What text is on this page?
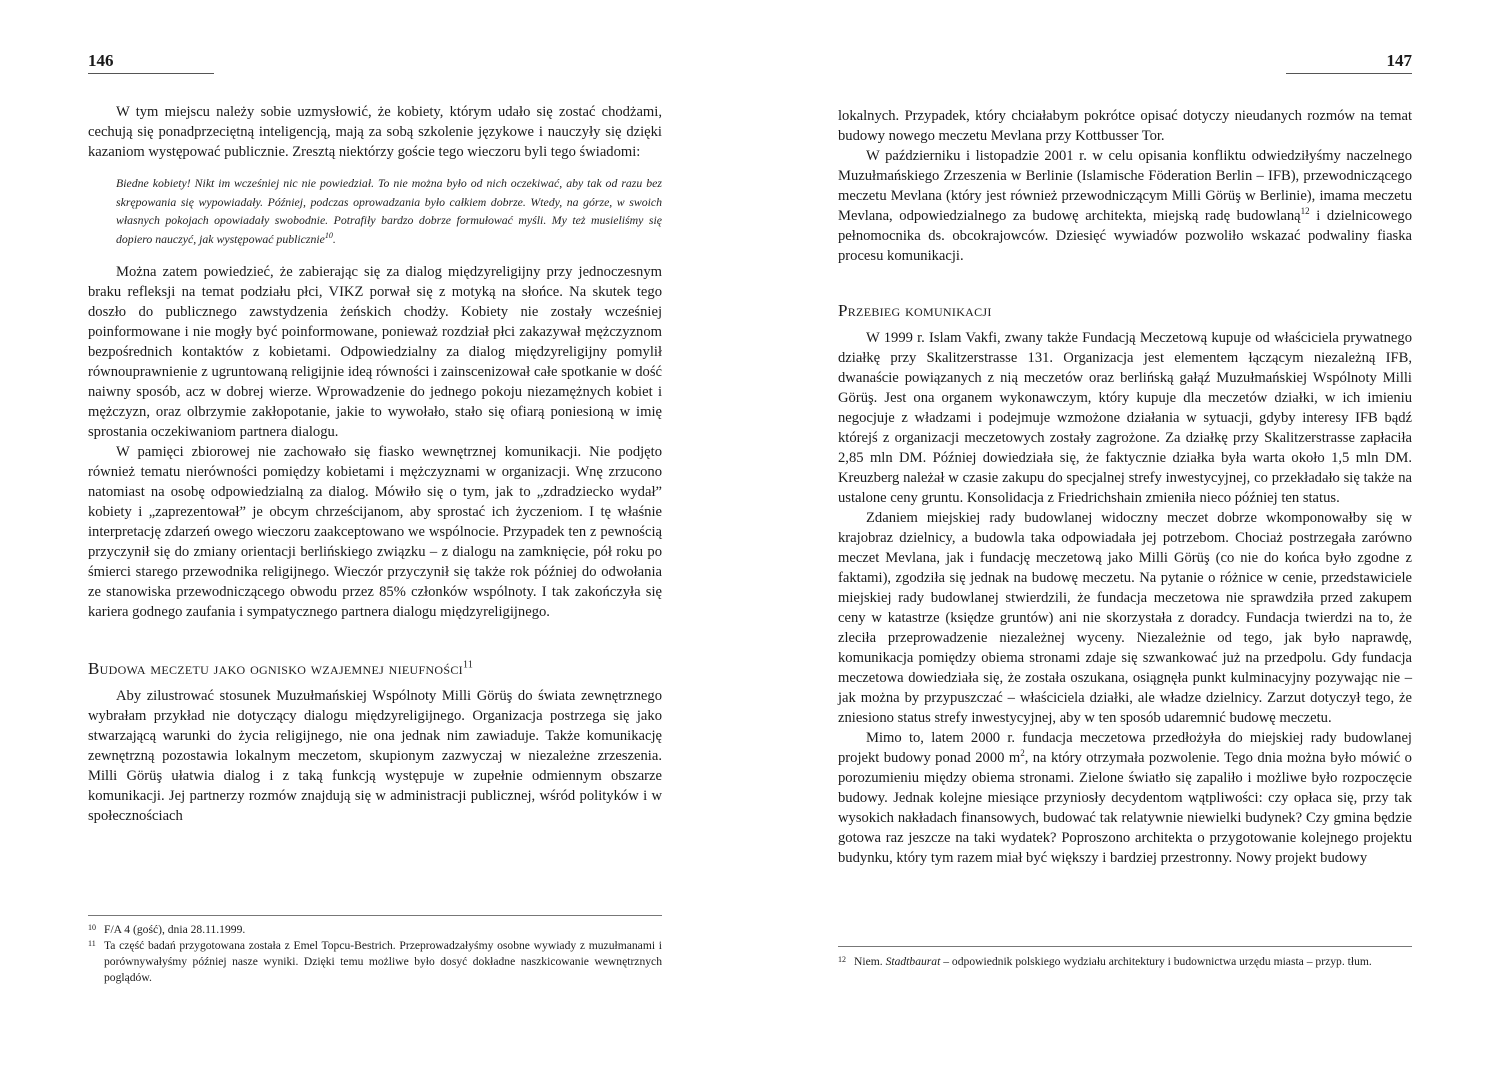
146

W tym miejscu należy sobie uzmysłowić, że kobiety, którym udało się zostać chodżami, cechują się ponadprzeciętną inteligencją, mają za sobą szkolenie językowe i nauczyły się dzięki kazaniom występować publicznie. Zresztą niektórzy goście tego wieczoru byli tego świadomi:

Biedne kobiety! Nikt im wcześniej nic nie powiedział. To nie można było od nich oczekiwać, aby tak od razu bez skrępowania się wypowiadały. Później, podczas oprowadzania było całkiem dobrze. Wtedy, na górze, w swoich własnych pokojach opowiadały swobodnie. Potrafiły bardzo dobrze formułować myśli. My też musieliśmy się dopiero nauczyć, jak występować publicznie$^{10}$.

Można zatem powiedzieć, że zabierając się za dialog międzyreligijny przy jednoczesnym braku refleksji na temat podziału płci, VIKZ porwał się z motyką na słońce. Na skutek tego doszło do publicznego zawstydzenia żeńskich chodży. Kobiety nie zostały wcześniej poinformowane i nie mogły być poinformowane, ponieważ rozdział płci zakazywał mężczyznom bezpośrednich kontaktów z kobietami. Odpowiedzialny za dialog międzyreligijny pomylił równouprawnienie z ugruntowaną religijnie ideą równości i zainscenizował całe spotkanie w dość naiwny sposób, acz w dobrej wierze. Wprowadzenie do jednego pokoju niezamężnych kobiet i mężczyzn, oraz olbrzymie zakłopotanie, jakie to wywołało, stało się ofiarą poniesioną w imię sprostania oczekiwaniom partnera dialogu.

W pamięci zbiorowej nie zachowało się fiasko wewnętrznej komunikacji. Nie podjęto również tematu nierówności pomiędzy kobietami i mężczyznami w organizacji. Wnę zrzucono natomiast na osobę odpowiedzialną za dialog. Mówiło się o tym, jak to „zdradziecko wydał” kobiety i „zaprezentował” je obcym chrześcijanom, aby sprostać ich życzeniom. I tę właśnie interpretację zdarzeń owego wieczoru zaakceptowano we wspólnocie. Przypadek ten z pewnością przyczynił się do zmiany orientacji berlińskiego związku – z dialogu na zamknięcie, pół roku po śmierci starego przewodnika religijnego. Wieczór przyczynił się także rok później do odwołania ze stanowiska przewodniczącego obwodu przez 85% członków wspólnoty. I tak zakończyła się kariera godnego zaufania i sympatycznego partnera dialogu międzyreligijnego.

Budowa meczetu jako ognisko wzajemnej nieufności$^{11}$

Aby zilustrować stosunek Muzułmańskiej Wspólnoty Milli Görüş do świata zewnętrznego wybrałam przykład nie dotyczący dialogu międzyreligijnego. Organizacja postrzega się jako stwarzającą warunki do życia religijnego, nie ona jednak nim zawiaduje. Także komunikację zewnętrzną pozostawia lokalnym meczetom, skupionym zazwyczaj w niezależne zrzeszenia. Milli Görüş ułatwia dialog i z taką funkcją występuje w zupełnie odmiennym obszarze komunikacji. Jej partnerzy rozmów znajdują się w administracji publicznej, wśród polityków i w społecznościach

10 F/A 4 (gość), dnia 28.11.1999.
11 Ta część badań przygotowana została z Emel Topcu-Bestrich. Przeprowadzałyśmy osobne wywiady z muzułmanami i porównywałyśmy później nasze wyniki. Dzięki temu możliwe było dosyć dokładne naszkicowanie wewnętrznych poglądów.
147

lokalnych. Przypadek, który chciałabym pokrótce opisać dotyczy nieudanych rozmów na temat budowy nowego meczetu Mevlana przy Kottbusser Tor.

W październiku i listopadzie 2001 r. w celu opisania konfliktu odwiedziłyśmy naczelnego Muzułmańskiego Zrzeszenia w Berlinie (Islamische Föderation Berlin – IFB), przewodniczącego meczetu Mevlana (który jest również przewodniczącym Milli Görüş w Berlinie), imama meczetu Mevlana, odpowiedzialnego za budowę architekta, miejską radę budowlaną$^{12}$ i dzielnicowego pełnomocnika ds. obcokrajowców. Dziesięć wywiadów pozwoliło wskazać podwaliny fiaska procesu komunikacji.

Przebieg komunikacji

W 1999 r. Islam Vakfi, zwany także Fundacją Meczetową kupuje od właściciela prywatnego działkę przy Skalitzerstrasse 131. Organizacja jest elementem łączącym niezależną IFB, dwanaście powiązanych z nią meczetów oraz berlińską gałąź Muzułmańskiej Wspólnoty Milli Görüş. Jest ona organem wykonawczym, który kupuje dla meczetów działki, w ich imieniu negocjuje z władzami i podejmuje wzmożone działania w sytuacji, gdyby interesy IFB bądź którejś z organizacji meczetowych zostały zagrożone. Za działkę przy Skalitzerstrasse zapłaciła 2,85 mln DM. Później dowiedziała się, że faktycznie działka była warta około 1,5 mln DM. Kreuzberg należał w czasie zakupu do specjalnej strefy inwestycyjnej, co przekładało się także na ustalone ceny gruntu. Konsolidacja z Friedrichshain zmieniła nieco później ten status.

Zdaniem miejskiej rady budowlanej widoczny meczet dobrze wkomponowałby się w krajobraz dzielnicy, a budowla taka odpowiadała jej potrzebom. Chociaż postrzegała zarówno meczet Mevlana, jak i fundację meczetową jako Milli Görüş (co nie do końca było zgodne z faktami), zgodziła się jednak na budowę meczetu. Na pytanie o różnice w cenie, przedstawiciele miejskiej rady budowlanej stwierdzili, że fundacja meczetowa nie sprawdziła przed zakupem ceny w katastrze (księdze gruntów) ani nie skorzystała z doradcy. Fundacja twierdzi na to, że zleciła przeprowadzenie niezależnej wyceny. Niezależnie od tego, jak było naprawdę, komunikacja pomiędzy obiema stronami zdaje się szwankować już na przedpolu. Gdy fundacja meczetowa dowiedziała się, że została oszukana, osiągnęła punkt kulminacyjny pozywając nie – jak można by przypuszczać – właściciela działki, ale władze dzielnicy. Zarzut dotyczył tego, że zniesiono status strefy inwestycyjnej, aby w ten sposób udaremnić budowę meczetu.

Mimo to, latem 2000 r. fundacja meczetowa przedłożyła do miejskiej rady budowlanej projekt budowy ponad 2000 $m^2$, na który otrzymała pozwolenie. Tego dnia można było mówić o porozumieniu między obiema stronami. Zielone światło się zapaliło i możliwe było rozpoczęcie budowy. Jednak kolejne miesiące przyniosły decydentom wątpliwości: czy opłaca się, przy tak wysokich nakładach finansowych, budować tak relatywnie niewielki budynek? Czy gmina będzie gotowa raz jeszcze na taki wydatek? Poproszono architekta o przygotowanie kolejnego projektu budynku, który tym razem miał być większy i bardziej przestronny. Nowy projekt budowy

12 Niem. Stadtbaurat – odpowiednik polskiego wydziału architektury i budownictwa urzędu miasta – przyp. tłum.
